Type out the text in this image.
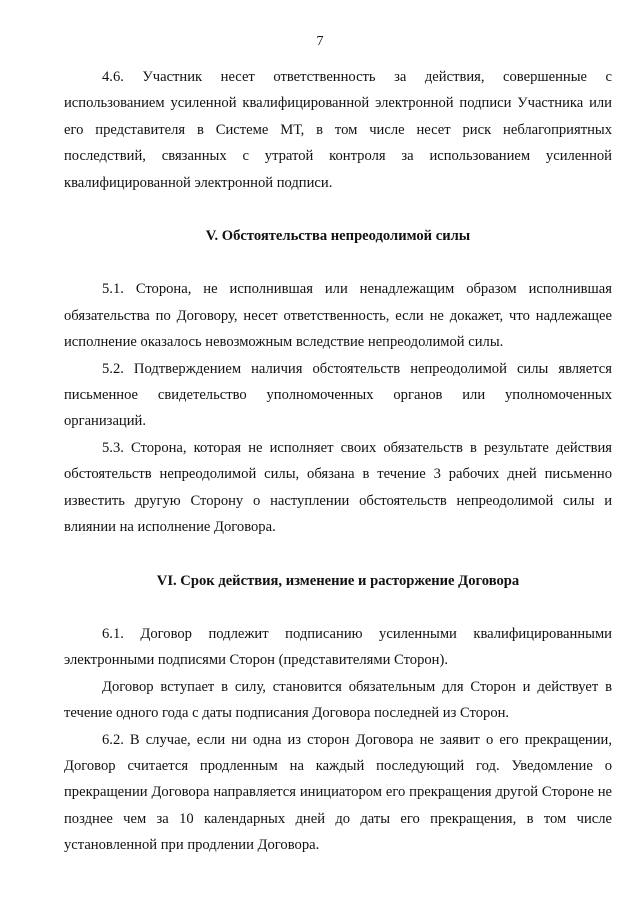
7

4.6. Участник несет ответственность за действия, совершенные с использованием усиленной квалифицированной электронной подписи Участника или его представителя в Системе МТ, в том числе несет риск неблагоприятных последствий, связанных с утратой контроля за использованием усиленной квалифицированной электронной подписи.

V. Обстоятельства непреодолимой силы

5.1. Сторона, не исполнившая или ненадлежащим образом исполнившая обязательства по Договору, несет ответственность, если не докажет, что надлежащее исполнение оказалось невозможным вследствие непреодолимой силы.

5.2. Подтверждением наличия обстоятельств непреодолимой силы является письменное свидетельство уполномоченных органов или уполномоченных организаций.

5.3. Сторона, которая не исполняет своих обязательств в результате действия обстоятельств непреодолимой силы, обязана в течение 3 рабочих дней письменно известить другую Сторону о наступлении обстоятельств непреодолимой силы и влиянии на исполнение Договора.

VI. Срок действия, изменение и расторжение Договора

6.1. Договор подлежит подписанию усиленными квалифицированными электронными подписями Сторон (представителями Сторон).

Договор вступает в силу, становится обязательным для Сторон и действует в течение одного года с даты подписания Договора последней из Сторон.

6.2. В случае, если ни одна из сторон Договора не заявит о его прекращении, Договор считается продленным на каждый последующий год. Уведомление о прекращении Договора направляется инициатором его прекращения другой Стороне не позднее чем за 10 календарных дней до даты его прекращения, в том числе установленной при продлении Договора.
